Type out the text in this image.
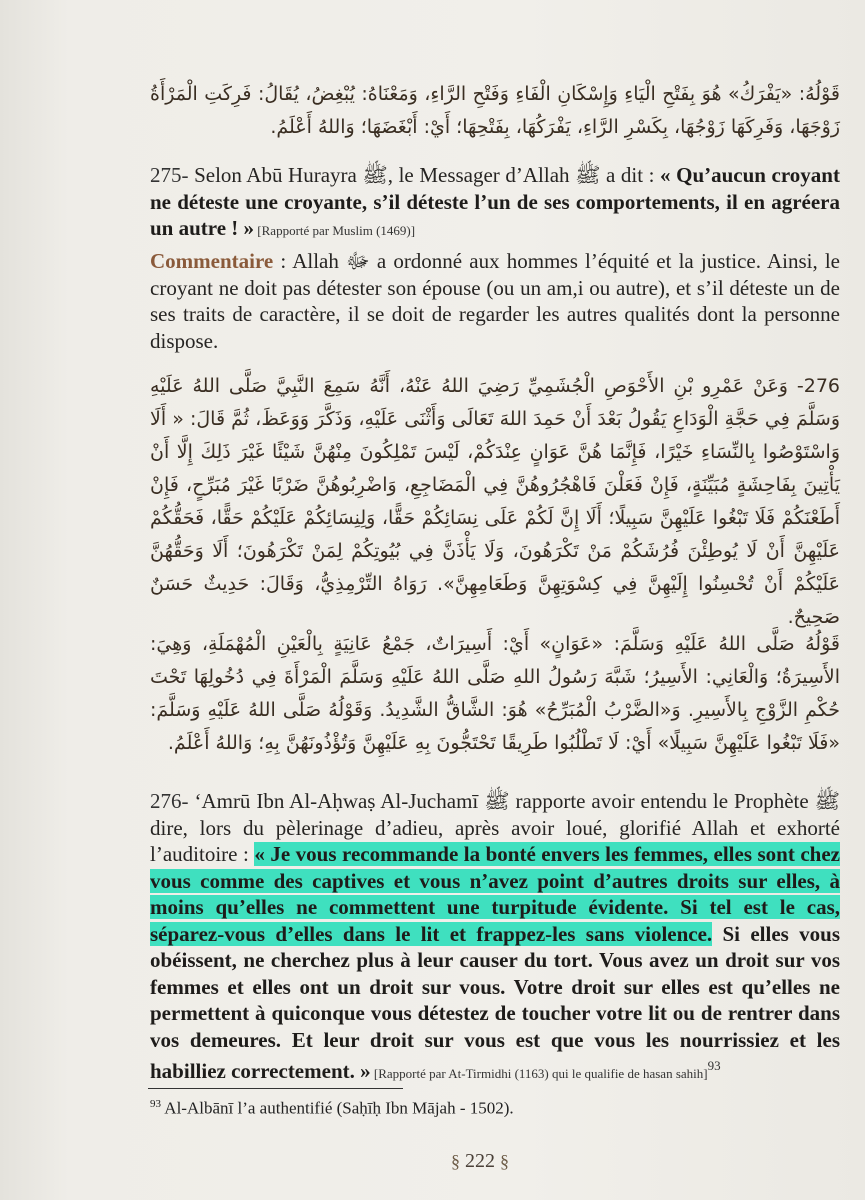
قَوْلُهُ: «يَفْرَكُ» هُوَ بِفَتْحِ الْيَاءِ وَإِسْكَانِ الْفَاءِ وَفَتْحِ الرَّاءِ، وَمَعْنَاهُ: يُبْغِضُ، يُقَالُ: فَرِكَتِ الْمَرْأَةُ زَوْجَهَا، وَفَرِكَهَا زَوْجُهَا، بِكَسْرِ الرَّاءِ، يَفْرَكُهَا، بِفَتْحِهَا؛ أَيْ: أَبْغَضَهَا؛ وَاللهُ أَعْلَمُ.
275- Selon Abū Hurayra ﷺ, le Messager d’Allah ﷺ a dit : « Qu’aucun croyant ne déteste une croyante, s’il déteste l’un de ses comportements, il en agréera un autre ! » [Rapporté par Muslim (1469)]
Commentaire : Allah ﷻ a ordonné aux hommes l’équité et la justice. Ainsi, le croyant ne doit pas détester son épouse (ou un am,i ou autre), et s’il déteste un de ses traits de caractère, il se doit de regarder les autres qualités dont la personne dispose.
276- وَعَنْ عَمْرِو بْنِ الأَحْوَصِ الْجُشَمِيِّ رَضِيَ اللهُ عَنْهُ، أَنَّهُ سَمِعَ النَّبِيَّ صَلَّى اللهُ عَلَيْهِ وَسَلَّمَ فِي حَجَّةِ الْوَدَاعِ يَقُولُ بَعْدَ أَنْ حَمِدَ اللهَ تَعَالَى وَأَثْنَى عَلَيْهِ، وَذَكَّرَ وَوَعَظَ، ثُمَّ قَالَ: « أَلَا وَاسْتَوْصُوا بِالنِّسَاءِ خَيْرًا، فَإِنَّمَا هُنَّ عَوَانٍ عِنْدَكُمْ، لَيْسَ تَمْلِكُونَ مِنْهُنَّ شَيْئًا غَيْرَ ذَلِكَ إِلَّا أَنْ يَأْتِينَ بِفَاحِشَةٍ مُبَيِّنَةٍ، فَإِنْ فَعَلْنَ فَاهْجُرُوهُنَّ فِي الْمَضَاجِعِ، وَاضْرِبُوهُنَّ ضَرْبًا غَيْرَ مُبَرِّحٍ، فَإِنْ أَطَعْنَكُمْ فَلَا تَبْغُوا عَلَيْهِنَّ سَبِيلًا؛ أَلَا إِنَّ لَكُمْ عَلَى نِسَائِكُمْ حَقًّا، وَلِنِسَائِكُمْ عَلَيْكُمْ حَقًّا، فَحَقُّكُمْ عَلَيْهِنَّ أَنْ لَا يُوطِئْنَ فُرُشَكُمْ مَنْ تَكْرَهُونَ، وَلَا يَأْذَنَّ فِي بُيُوتِكُمْ لِمَنْ تَكْرَهُونَ؛ أَلَا وَحَقُّهُنَّ عَلَيْكُمْ أَنْ تُحْسِنُوا إِلَيْهِنَّ فِي كِسْوَتِهِنَّ وَطَعَامِهِنَّ». رَوَاهُ التِّرْمِذِيُّ، وَقَالَ: حَدِيثٌ حَسَنٌ صَحِيحٌ.
قَوْلُهُ صَلَّى اللهُ عَلَيْهِ وَسَلَّمَ: «عَوَانٍ» أَيْ: أَسِيرَاتٌ، جَمْعُ عَانِيَةٍ بِالْعَيْنِ الْمُهْمَلَةِ، وَهِيَ: الأَسِيرَةُ؛ وَالْعَانِي: الأَسِيرُ؛ شَبَّهَ رَسُولُ اللهِ صَلَّى اللهُ عَلَيْهِ وَسَلَّمَ الْمَرْأَةَ فِي دُخُولِهَا تَحْتَ حُكْمِ الزَّوْجِ بِالأَسِيرِ. وَ«الضَّرْبُ الْمُبَرِّحُ» هُوَ: الشَّاقُّ الشَّدِيدُ. وَقَوْلُهُ صَلَّى اللهُ عَلَيْهِ وَسَلَّمَ: «فَلَا تَبْغُوا عَلَيْهِنَّ سَبِيلًا» أَيْ: لَا تَطْلُبُوا طَرِيقًا تَحْتَجُّونَ بِهِ عَلَيْهِنَّ وَتُؤْذُونَهُنَّ بِهِ؛ وَاللهُ أَعْلَمُ.
276- ‘Amrū Ibn Al-Aḥwaṣ Al-Juchamī ﷺ rapporte avoir entendu le Prophète ﷺ dire, lors du pèlerinage d’adieu, après avoir loué, glorifié Allah et exhorté l’auditoire : « Je vous recommande la bonté envers les femmes, elles sont chez vous comme des captives et vous n’avez point d’autres droits sur elles, à moins qu’elles ne commettent une turpitude évidente. Si tel est le cas, séparez-vous d’elles dans le lit et frappez-les sans violence. Si elles vous obéissent, ne cherchez plus à leur causer du tort. Vous avez un droit sur vos femmes et elles ont un droit sur vous. Votre droit sur elles est qu’elles ne permettent à quiconque vous détestez de toucher votre lit ou de rentrer dans vos demeures. Et leur droit sur vous est que vous les nourrissiez et les habilliez correctement. » [Rapporté par At-Tirmidhi (1163) qui le qualifie de hasan sahih]$^{93}$
$^{93}$ Al-Albānī l’a authentifié (Saḥīḥ Ibn Mājah - 1502).
§ 222 §
